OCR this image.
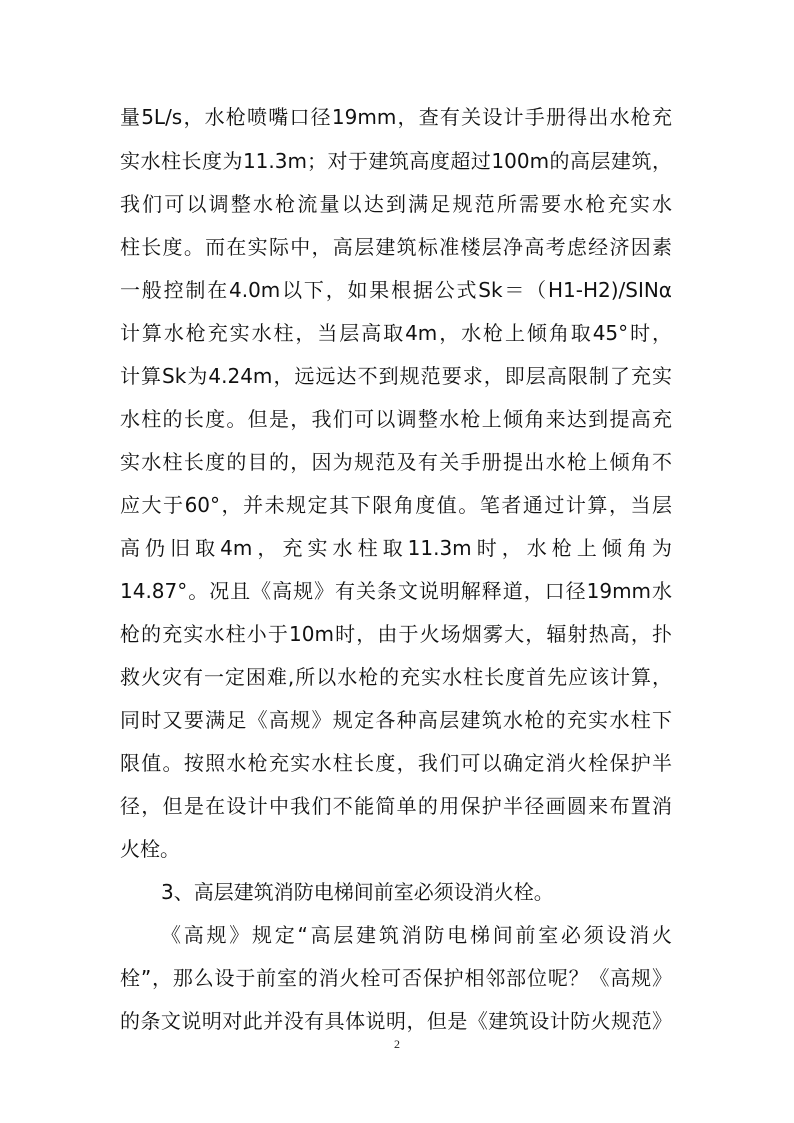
量5L/s，水枪喷嘴口径19mm，查有关设计手册得出水枪充
实水柱长度为11.3m；对于建筑高度超过100m的高层建筑，
我们可以调整水枪流量以达到满足规范所需要水枪充实水
柱长度。而在实际中，高层建筑标准楼层净高考虑经济因素
一般控制在4.0m以下，如果根据公式Sk＝（H1-H2)/SINα
计算水枪充实水柱，当层高取4m，水枪上倾角取45°时，
计算Sk为4.24m，远远达不到规范要求，即层高限制了充实
水柱的长度。但是，我们可以调整水枪上倾角来达到提高充
实水柱长度的目的，因为规范及有关手册提出水枪上倾角不
应大于60°，并未规定其下限角度值。笔者通过计算，当层
高仍旧取4m，充实水柱取11.3m时，水枪上倾角为
14.87°。况且《高规》有关条文说明解释道，口径19mm水
枪的充实水柱小于10m时，由于火场烟雾大，辐射热高，扑
救火灾有一定困难,所以水枪的充实水柱长度首先应该计算，
同时又要满足《高规》规定各种高层建筑水枪的充实水柱下
限值。按照水枪充实水柱长度，我们可以确定消火栓保护半
径，但是在设计中我们不能简单的用保护半径画圆来布置消
火栓。
3、高层建筑消防电梯间前室必须设消火栓。
《高规》规定“高层建筑消防电梯间前室必须设消火
栓”，那么设于前室的消火栓可否保护相邻部位呢？《高规》
的条文说明对此并没有具体说明，但是《建筑设计防火规范》
2
